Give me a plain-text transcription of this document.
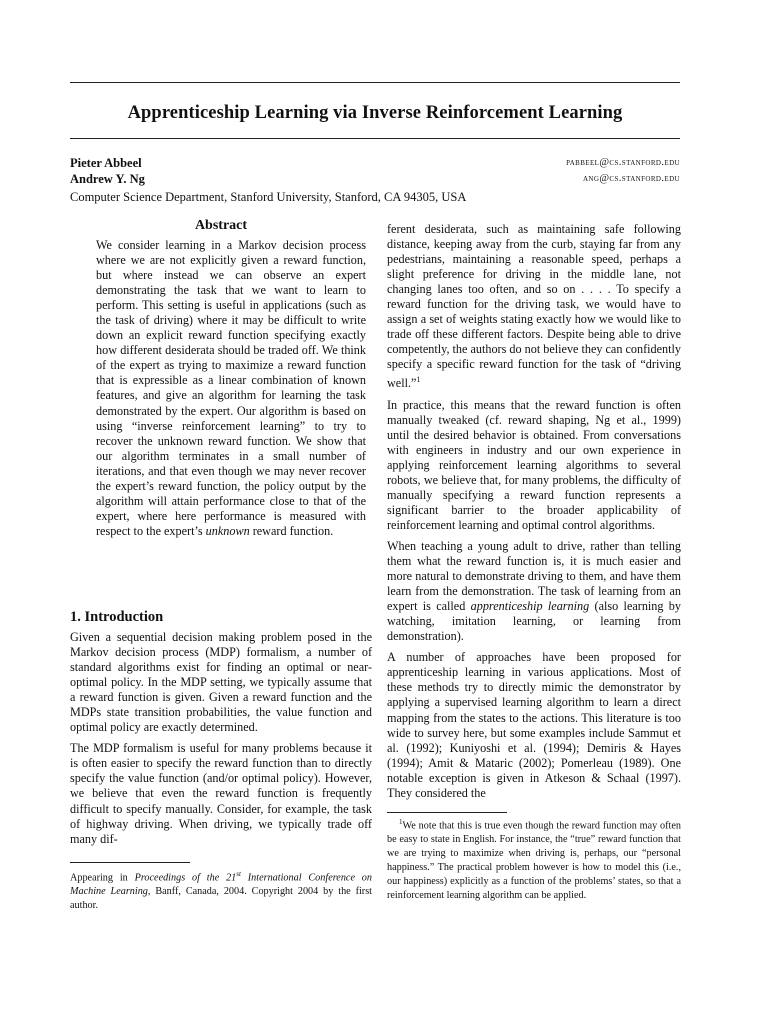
Apprenticeship Learning via Inverse Reinforcement Learning
Pieter Abbeel	pabbeel@cs.stanford.edu
Andrew Y. Ng	ang@cs.stanford.edu
Computer Science Department, Stanford University, Stanford, CA 94305, USA
Abstract

We consider learning in a Markov decision process where we are not explicitly given a reward function, but where instead we can observe an expert demonstrating the task that we want to learn to perform. This setting is useful in applications (such as the task of driving) where it may be difficult to write down an explicit reward function specifying exactly how different desiderata should be traded off. We think of the expert as trying to maximize a reward function that is expressible as a linear combination of known features, and give an algorithm for learning the task demonstrated by the expert. Our algorithm is based on using “inverse reinforcement learning” to try to recover the unknown reward function. We show that our algorithm terminates in a small number of iterations, and that even though we may never recover the expert’s reward function, the policy output by the algorithm will attain performance close to that of the expert, where here performance is measured with respect to the expert’s unknown reward function.

1. Introduction

Given a sequential decision making problem posed in the Markov decision process (MDP) formalism, a number of standard algorithms exist for finding an optimal or near-optimal policy. In the MDP setting, we typically assume that a reward function is given. Given a reward function and the MDPs state transition probabilities, the value function and optimal policy are exactly determined.

The MDP formalism is useful for many problems because it is often easier to specify the reward function than to directly specify the value function (and/or optimal policy). However, we believe that even the reward function is frequently difficult to specify manually. Consider, for example, the task of highway driving. When driving, we typically trade off many dif-

Appearing in Proceedings of the 21st International Conference on Machine Learning, Banff, Canada, 2004. Copyright 2004 by the first author.

ferent desiderata, such as maintaining safe following distance, keeping away from the curb, staying far from any pedestrians, maintaining a reasonable speed, perhaps a slight preference for driving in the middle lane, not changing lanes too often, and so on . . . . To specify a reward function for the driving task, we would have to assign a set of weights stating exactly how we would like to trade off these different factors. Despite being able to drive competently, the authors do not believe they can confidently specify a specific reward function for the task of “driving well.”$^1$

In practice, this means that the reward function is often manually tweaked (cf. reward shaping, Ng et al., 1999) until the desired behavior is obtained. From conversations with engineers in industry and our own experience in applying reinforcement learning algorithms to several robots, we believe that, for many problems, the difficulty of manually specifying a reward function represents a significant barrier to the broader applicability of reinforcement learning and optimal control algorithms.

When teaching a young adult to drive, rather than telling them what the reward function is, it is much easier and more natural to demonstrate driving to them, and have them learn from the demonstration. The task of learning from an expert is called apprenticeship learning (also learning by watching, imitation learning, or learning from demonstration).

A number of approaches have been proposed for apprenticeship learning in various applications. Most of these methods try to directly mimic the demonstrator by applying a supervised learning algorithm to learn a direct mapping from the states to the actions. This literature is too wide to survey here, but some examples include Sammut et al. (1992); Kuniyoshi et al. (1994); Demiris & Hayes (1994); Amit & Mataric (2002); Pomerleau (1989). One notable exception is given in Atkeson & Schaal (1997). They considered the

$^1$We note that this is true even though the reward function may often be easy to state in English. For instance, the “true” reward function that we are trying to maximize when driving is, perhaps, our “personal happiness.” The practical problem however is how to model this (i.e., our happiness) explicitly as a function of the problems’ states, so that a reinforcement learning algorithm can be applied.
